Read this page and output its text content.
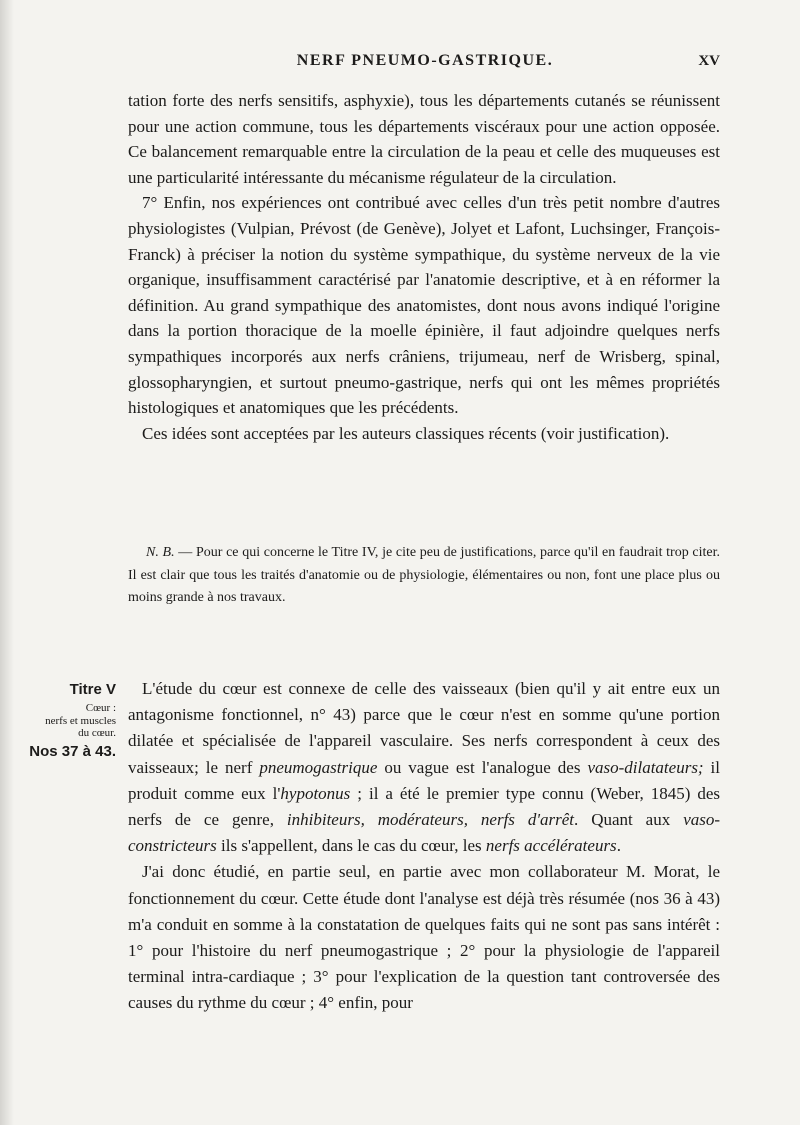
NERF PNEUMO-GASTRIQUE.	XV

tation forte des nerfs sensitifs, asphyxie), tous les départements cutanés se réunissent pour une action commune, tous les départements viscéraux pour une action opposée. Ce balancement remarquable entre la circulation de la peau et celle des muqueuses est une particularité intéressante du mécanisme régulateur de la circulation.

7° Enfin, nos expériences ont contribué avec celles d'un très petit nombre d'autres physiologistes (Vulpian, Prévost (de Genève), Jolyet et Lafont, Luchsinger, François-Franck) à préciser la notion du système sympathique, du système nerveux de la vie organique, insuffisamment caractérisé par l'anatomie descriptive, et à en réformer la définition. Au grand sympathique des anatomistes, dont nous avons indiqué l'origine dans la portion thoracique de la moelle épinière, il faut adjoindre quelques nerfs sympathiques incorporés aux nerfs crâniens, trijumeau, nerf de Wrisberg, spinal, glossopharyngien, et surtout pneumo-gastrique, nerfs qui ont les mêmes propriétés histologiques et anatomiques que les précédents.

Ces idées sont acceptées par les auteurs classiques récents (voir justification).

N. B. — Pour ce qui concerne le Titre IV, je cite peu de justifications, parce qu'il en faudrait trop citer. Il est clair que tous les traités d'anatomie ou de physiologie, élémentaires ou non, font une place plus ou moins grande à nos travaux.

Titre V
Cœur :
nerfs et muscles
du cœur.
Nos 37 à 43.

L'étude du cœur est connexe de celle des vaisseaux (bien qu'il y ait entre eux un antagonisme fonctionnel, n° 43) parce que le cœur n'est en somme qu'une portion dilatée et spécialisée de l'appareil vasculaire. Ses nerfs correspondent à ceux des vaisseaux; le nerf pneumogastrique ou vague est l'analogue des vaso-dilatateurs; il produit comme eux l'hypotonus ; il a été le premier type connu (Weber, 1845) des nerfs de ce genre, inhibiteurs, modérateurs, nerfs d'arrêt. Quant aux vaso-constricteurs ils s'appellent, dans le cas du cœur, les nerfs accélérateurs.

J'ai donc étudié, en partie seul, en partie avec mon collaborateur M. Morat, le fonctionnement du cœur. Cette étude dont l'analyse est déjà très résumée (nos 36 à 43) m'a conduit en somme à la constatation de quelques faits qui ne sont pas sans intérêt : 1° pour l'histoire du nerf pneumogastrique ; 2° pour la physiologie de l'appareil terminal intra-cardiaque ; 3° pour l'explication de la question tant controversée des causes du rythme du cœur ; 4° enfin, pour
